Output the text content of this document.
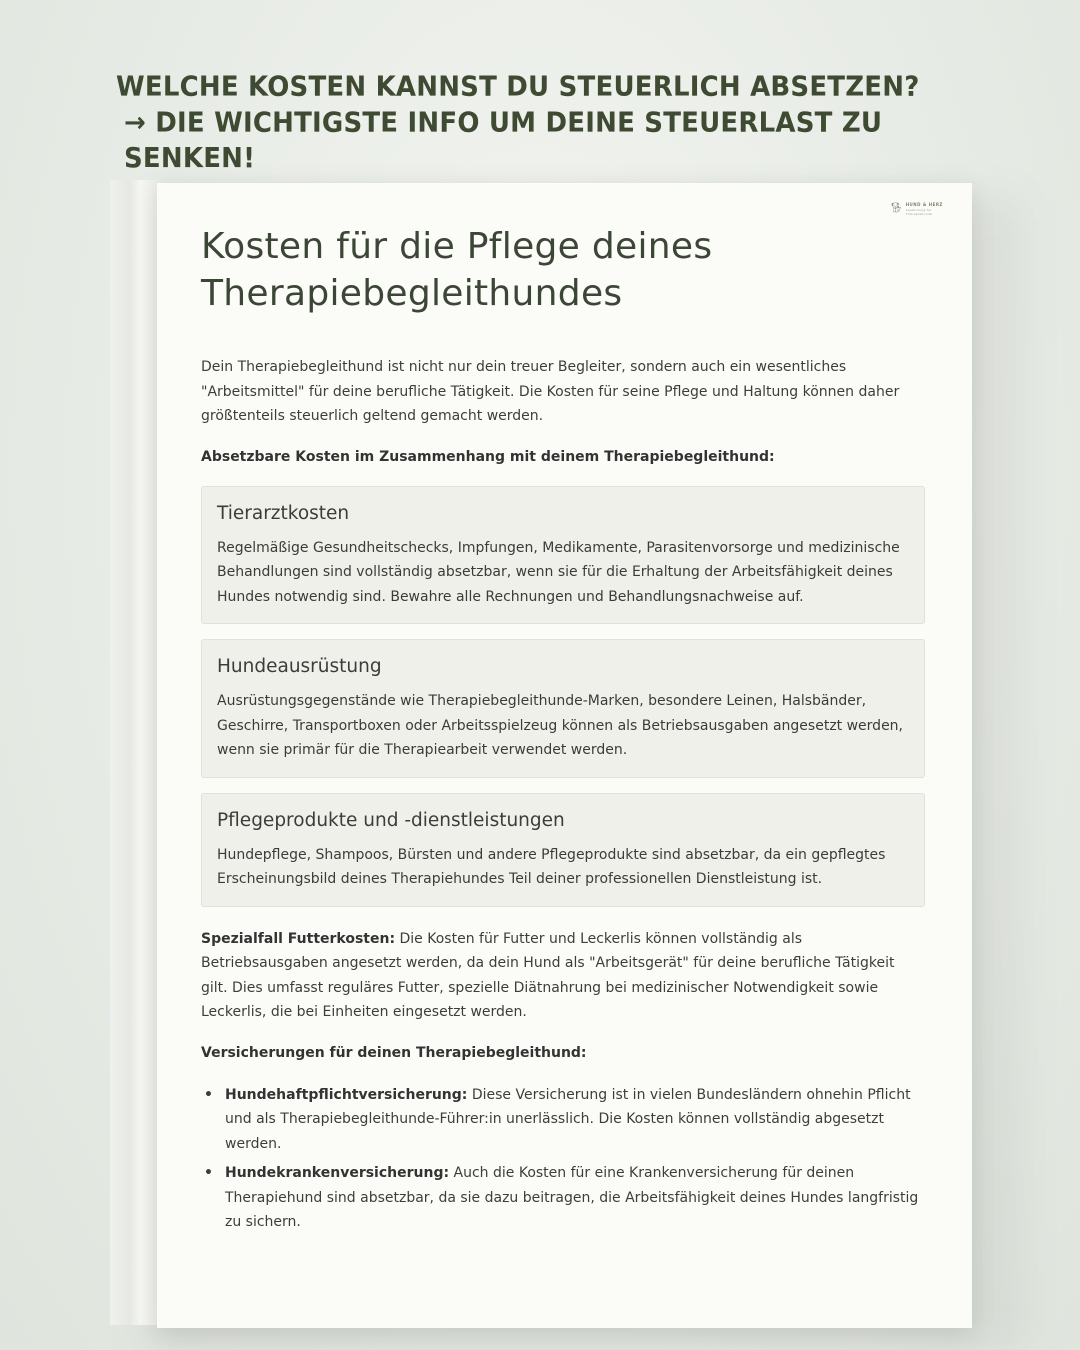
WELCHE KOSTEN KANNST DU STEUERLICH ABSETZEN?
→ DIE WICHTIGSTE INFO UM DEINE STEUERLAST ZU SENKEN!
🐕︎ HUND & HERZ
Ausbildung für Therapiehunde
Kosten für die Pflege deines
Therapiebegleithundes

Dein Therapiebegleithund ist nicht nur dein treuer Begleiter, sondern auch ein wesentliches "Arbeitsmittel" für deine berufliche Tätigkeit. Die Kosten für seine Pflege und Haltung können daher größtenteils steuerlich geltend gemacht werden.

Absetzbare Kosten im Zusammenhang mit deinem Therapiebegleithund:

Tierarztkosten
Regelmäßige Gesundheitschecks, Impfungen, Medikamente, Parasitenvorsorge und medizinische Behandlungen sind vollständig absetzbar, wenn sie für die Erhaltung der Arbeitsfähigkeit deines Hundes notwendig sind. Bewahre alle Rechnungen und Behandlungsnachweise auf.
Hundeausrüstung
Ausrüstungsgegenstände wie Therapiebegleithunde-Marken, besondere Leinen, Halsbänder, Geschirre, Transportboxen oder Arbeitsspielzeug können als Betriebsausgaben angesetzt werden, wenn sie primär für die Therapiearbeit verwendet werden.
Pflegeprodukte und -dienstleistungen
Hundepflege, Shampoos, Bürsten und andere Pflegeprodukte sind absetzbar, da ein gepflegtes Erscheinungsbild deines Therapiehundes Teil deiner professionellen Dienstleistung ist.

Spezialfall Futterkosten: Die Kosten für Futter und Leckerlis können vollständig als Betriebsausgaben angesetzt werden, da dein Hund als "Arbeitsgerät" für deine berufliche Tätigkeit gilt. Dies umfasst reguläres Futter, spezielle Diätnahrung bei medizinischer Notwendigkeit sowie Leckerlis, die bei Einheiten eingesetzt werden.

Versicherungen für deinen Therapiebegleithund:

• Hundehaftpflichtversicherung: Diese Versicherung ist in vielen Bundesländern ohnehin Pflicht und als Therapiebegleithunde-Führer:in unerlässlich. Die Kosten können vollständig abgesetzt werden.
• Hundekrankenversicherung: Auch die Kosten für eine Krankenversicherung für deinen Therapiehund sind absetzbar, da sie dazu beitragen, die Arbeitsfähigkeit deines Hundes langfristig zu sichern.
